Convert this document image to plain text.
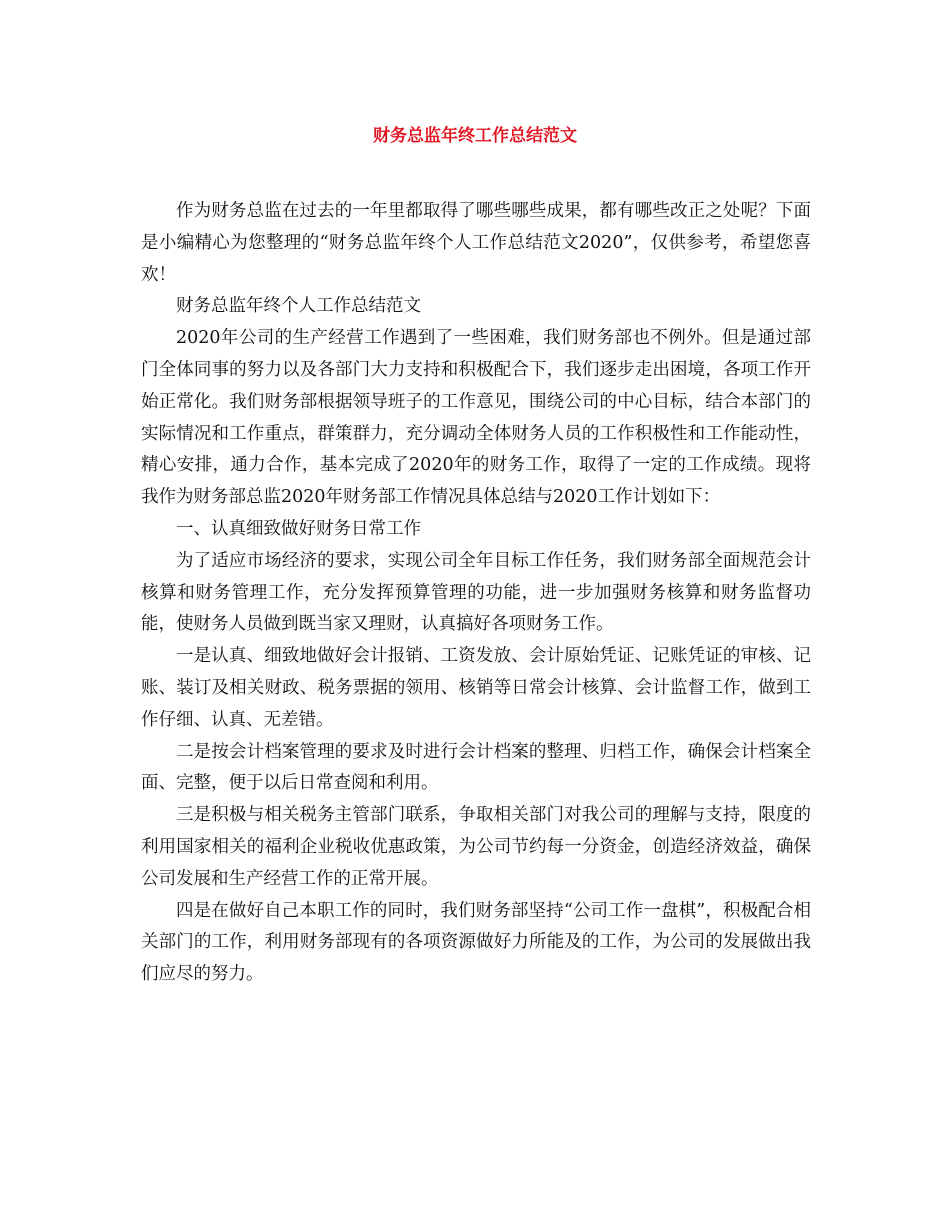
财务总监年终工作总结范文

作为财务总监在过去的一年里都取得了哪些哪些成果，都有哪些改正之处呢？下面是小编精心为您整理的“财务总监年终个人工作总结范文2020”，仅供参考，希望您喜欢！

财务总监年终个人工作总结范文

2020年公司的生产经营工作遇到了一些困难，我们财务部也不例外。但是通过部门全体同事的努力以及各部门大力支持和积极配合下，我们逐步走出困境，各项工作开始正常化。我们财务部根据领导班子的工作意见，围绕公司的中心目标，结合本部门的实际情况和工作重点，群策群力，充分调动全体财务人员的工作积极性和工作能动性，精心安排，通力合作，基本完成了2020年的财务工作，取得了一定的工作成绩。现将我作为财务部总监2020年财务部工作情况具体总结与2020工作计划如下：

一、认真细致做好财务日常工作

为了适应市场经济的要求，实现公司全年目标工作任务，我们财务部全面规范会计核算和财务管理工作，充分发挥预算管理的功能，进一步加强财务核算和财务监督功能，使财务人员做到既当家又理财，认真搞好各项财务工作。

一是认真、细致地做好会计报销、工资发放、会计原始凭证、记账凭证的审核、记账、装订及相关财政、税务票据的领用、核销等日常会计核算、会计监督工作，做到工作仔细、认真、无差错。

二是按会计档案管理的要求及时进行会计档案的整理、归档工作，确保会计档案全面、完整，便于以后日常查阅和利用。

三是积极与相关税务主管部门联系，争取相关部门对我公司的理解与支持，限度的利用国家相关的福利企业税收优惠政策，为公司节约每一分资金，创造经济效益，确保公司发展和生产经营工作的正常开展。

四是在做好自己本职工作的同时，我们财务部坚持“公司工作一盘棋”，积极配合相关部门的工作，利用财务部现有的各项资源做好力所能及的工作，为公司的发展做出我们应尽的努力。
